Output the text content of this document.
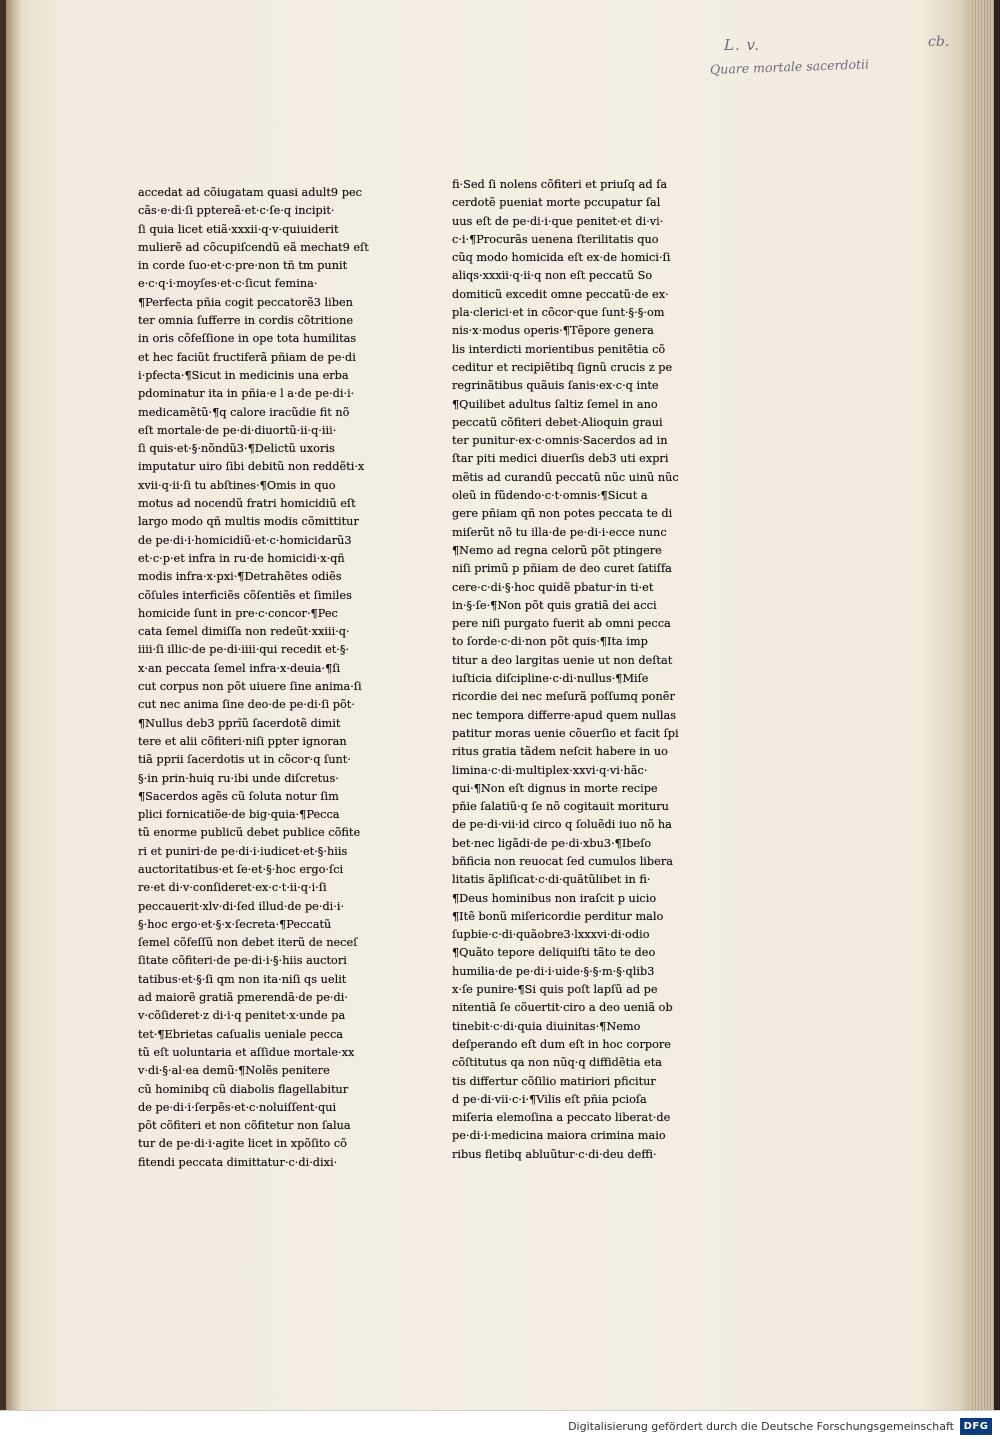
L. v.	cb.
Quare mortale sacerdotii
accedat ad cõiugatam quasi adult9 pec
cãs·e·di·ſi pptereã·et·c·ſe·q incipit·
ſi quia licet etiã·xxxii·q·v·quiuiderit
mulierẽ ad cõcupiſcendũ eã mechat9 eſt
in corde ſuo·et·c·pre·non tñ tm punit
e·c·q·i·moyſes·et·c·ſicut femina·
¶Perfecta pñia cogit peccatorẽ3 liben
ter omnia ſufferre in cordis cõtritione
in oris cõfeſſione in ope tota humilitas
et hec faciũt fructiferã pñiam de pe·di
i·pfecta·¶Sicut in medicinis una erba
pdominatur ita in pñia·e l a·de pe·di·i·
medicamẽtũ·¶q calore iracũdie fit nõ
eſt mortale·de pe·di·diuortũ·ii·q·iii·
ſi quis·et·§·nõndũ3·¶Delictũ uxoris
imputatur uiro ſibi debitũ non reddẽti·x
xvii·q·ii·ſi tu abſtines·¶Omis in quo
motus ad nocendũ fratri homicidiũ eſt
largo modo qñ multis modis cõmittitur
de pe·di·i·homicidiũ·et·c·homicidarũ3
et·c·p·et infra in ru·de homicidi·x·qñ
modis infra·x·pxi·¶Detrahẽtes odiẽs
cõſules interficiẽs cõſentiẽs et ſimiles
homicide ſunt in pre·c·concor·¶Pec
cata ſemel dimiſſa non redeũt·xxiii·q·
iiii·ſi illic·de pe·di·iiii·qui recedit et·§·
x·an peccata ſemel infra·x·deuia·¶ſi
cut corpus non põt uiuere ſine anima·ſi
cut nec anima ſine deo·de pe·di·ſi põt·
¶Nullus deb3 pprĩũ ſacerdotẽ dimit
tere et alii cõfiteri·niſi ppter ignoran
tiã pprii ſacerdotis ut in cõcor·q ſunt·
§·in prin·huiq ru·ibi unde diſcretus·
¶Sacerdos agẽs cũ ſoluta notur ſim
plici fornicatiõe·de big·quia·¶Pecca
tũ enorme publicũ debet publice cõfite
ri et puniri·de pe·di·i·iudicet·et·§·hiis
auctoritatibus·et ſe·et·§·hoc ergo·ſci
re·et di·v·conſideret·ex·c·t·ii·q·i·ſi
peccauerit·xlv·di·ſed illud·de pe·di·i·
§·hoc ergo·et·§·x·ſecreta·¶Peccatũ
ſemel cõfeſſũ non debet iterũ de neceſ
ſitate cõfiteri·de pe·di·i·§·hiis auctori
tatibus·et·§·ſi qm non ita·niſi qs uelit
ad maiorẽ gratiã pmerendã·de pe·di·
v·cõſideret·z di·i·q penitet·x·unde pa
tet·¶Ebrietas caſualis ueniale pecca
tũ eſt uoluntaria et aſſidue mortale·xx
v·di·§·al·ea demũ·¶Nolẽs penitere
cũ hominibq cũ diabolis flagellabitur
de pe·di·i·ſerpẽs·et·c·noluiſſent·qui
põt cõfiteri et non cõfitetur non ſalua
tur de pe·di·i·agite licet in xpõſito cõ
fitendi peccata dimittatur·c·di·dixi·
fi·Sed ſi nolens cõfiteri et priuſq ad ſa
cerdotẽ pueniat morte pccupatur ſal
uus eſt de pe·di·i·que penitet·et di·vi·
c·i·¶Procurãs uenena ſterilitatis quo
cũq modo homicida eſt ex·de homici·ſi
aliqs·xxxii·q·ii·q non eſt peccatũ So
domiticũ excedit omne peccatũ·de ex·
pla·clerici·et in cõcor·que ſunt·§·§·om
nis·x·modus operis·¶Tẽpore genera
lis interdicti morientibus penitẽtia cõ
ceditur et recipiẽtibq ſignũ crucis z pe
regrinãtibus quãuis ſanis·ex·c·q inte
¶Quilibet adultus ſaltiz ſemel in ano
peccatũ cõfiteri debet·Alioquin graui
ter punitur·ex·c·omnis·Sacerdos ad in
ſtar piti medici diuerſis deb3 uti expri
mẽtis ad curandũ peccatũ nũc uinũ nũc
oleũ in fũdendo·c·t·omnis·¶Sicut a
gere pñiam qñ non potes peccata te di
miſerũt nõ tu illa·de pe·di·i·ecce nunc
¶Nemo ad regna celorũ põt ptingere
niſi primũ p pñiam de deo curet ſatiſfa
cere·c·di·§·hoc quidẽ pbatur·in ti·et
in·§·ſe·¶Non põt quis gratiã dei acci
pere niſi purgato fuerit ab omni pecca
to ſorde·c·di·non põt quis·¶Ita imp
titur a deo largitas uenie ut non deſtat
iuſticia diſcipline·c·di·nullus·¶Miſe
ricordie dei nec meſurã poſſumq ponẽr
nec tempora differre·apud quem nullas
patitur moras uenie cõuerſio et facit ſpi
ritus gratia tãdem neſcit habere in uo
limina·c·di·multiplex·xxvi·q·vi·hãc·
qui·¶Non eſt dignus in morte recipe
pñie ſalatiũ·q ſe nõ cogitauit morituru
de pe·di·vii·id circo q ſoluẽdi iuo nõ ha
bet·nec ligãdi·de pe·di·xbu3·¶Ibeſo
bñficia non reuocat ſed cumulos libera
litatis ãpliſicat·c·di·quãtũlibet in fi·
¶Deus hominibus non iraſcit p uicio
¶Itẽ bonũ miſericordie perditur malo
ſupbie·c·di·quãobre3·lxxxvi·di·odio
¶Quãto tepore deliquiſti tãto te deo
humilia·de pe·di·i·uide·§·§·m·§·qlib3
x·ſe punire·¶Si quis poſt lapſũ ad pe
nitentiã ſe cõuertit·ciro a deo ueniã ob
tinebit·c·di·quia diuinitas·¶Nemo
deſperando eſt dum eſt in hoc corpore
cõſtitutus qa non nũq·q diffidẽtia eta
tis differtur cõſilio matiriori pficitur
d pe·di·vii·c·i·¶Vilis eſt pñia pcioſa
miſeria elemoſina a peccato liberat·de
pe·di·i·medicina maiora crimina maio
ribus fletibq abluũtur·c·di·deu deffi·
Digitalisierung gefördert durch die Deutsche Forschungsgemeinschaft DFG
